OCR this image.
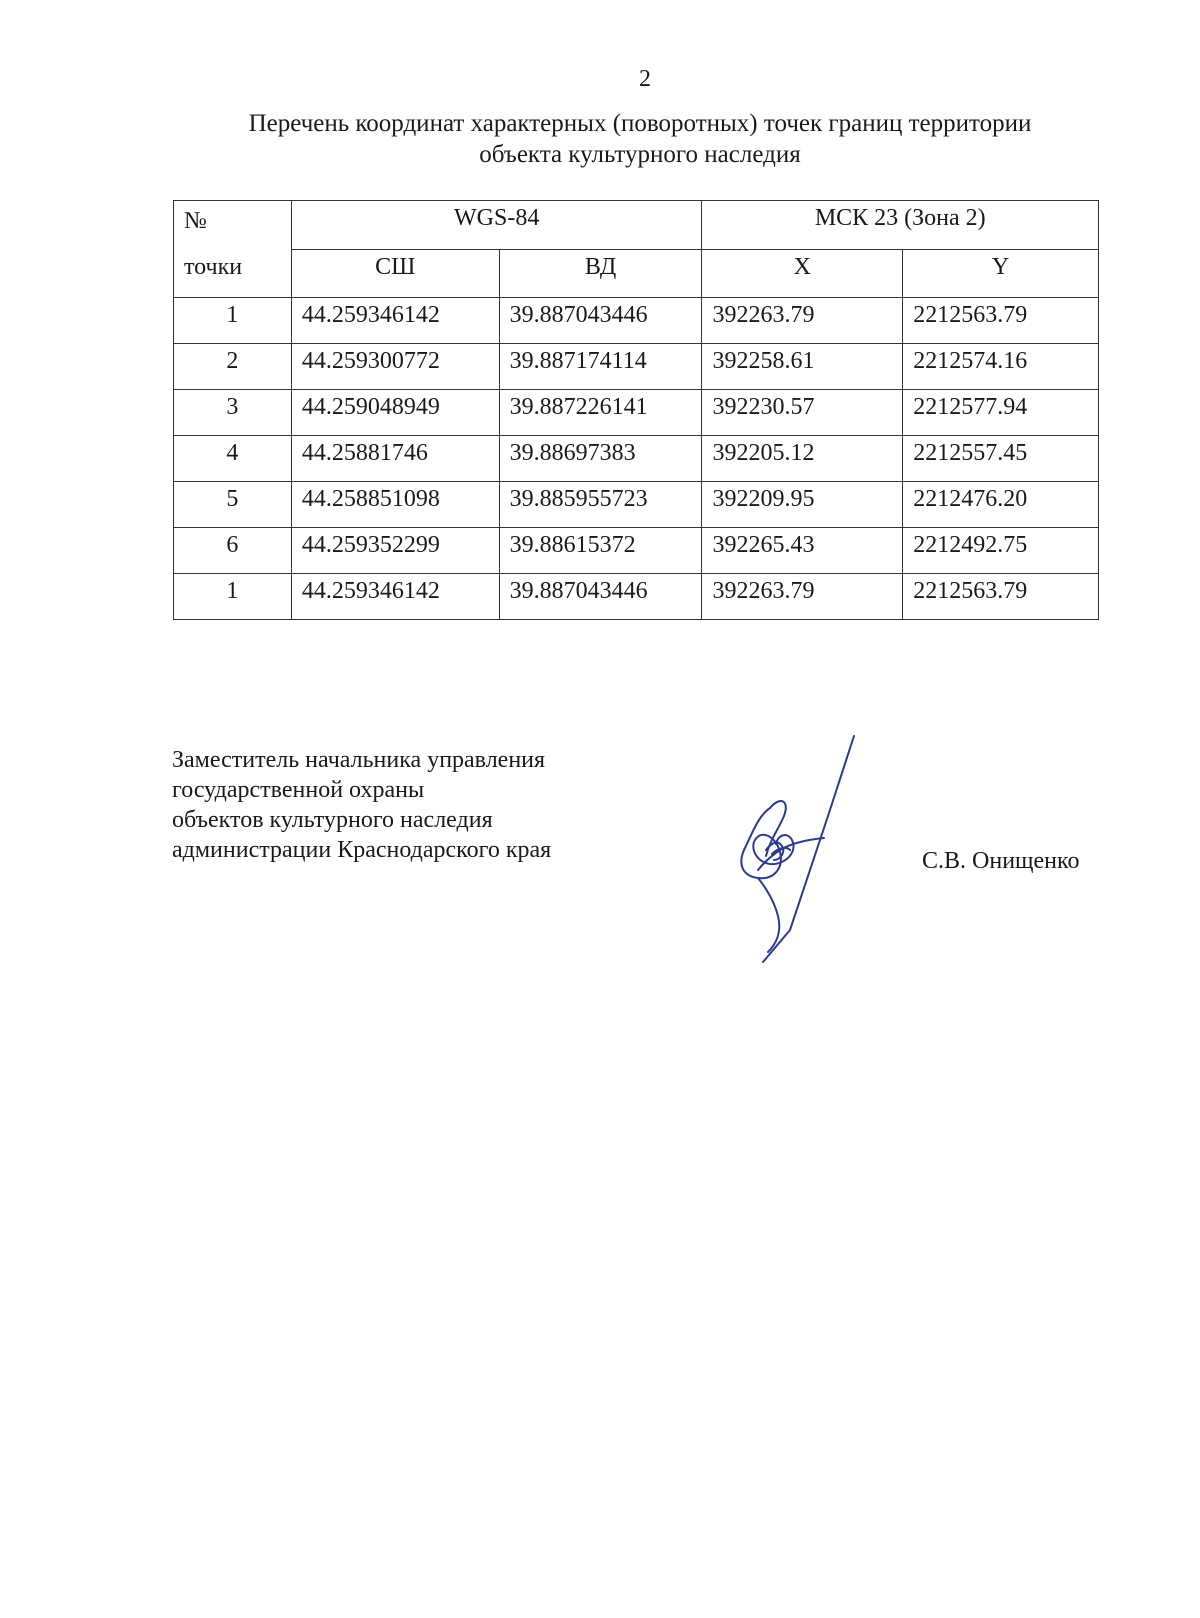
2
Перечень координат характерных (поворотных) точек границ территории
объекта культурного наследия
№
точки	WGS-84		МСК 23 (Зона 2)	
	СШ	ВД	X	Y
1	44.259346142	39.887043446	392263.79	2212563.79
2	44.259300772	39.887174114	392258.61	2212574.16
3	44.259048949	39.887226141	392230.57	2212577.94
4	44.25881746	39.88697383	392205.12	2212557.45
5	44.258851098	39.885955723	392209.95	2212476.20
6	44.259352299	39.88615372	392265.43	2212492.75
1	44.259346142	39.887043446	392263.79	2212563.79
Заместитель начальника управления
государственной охраны
объектов культурного наследия
администрации Краснодарского края	С.В. Онищенко
